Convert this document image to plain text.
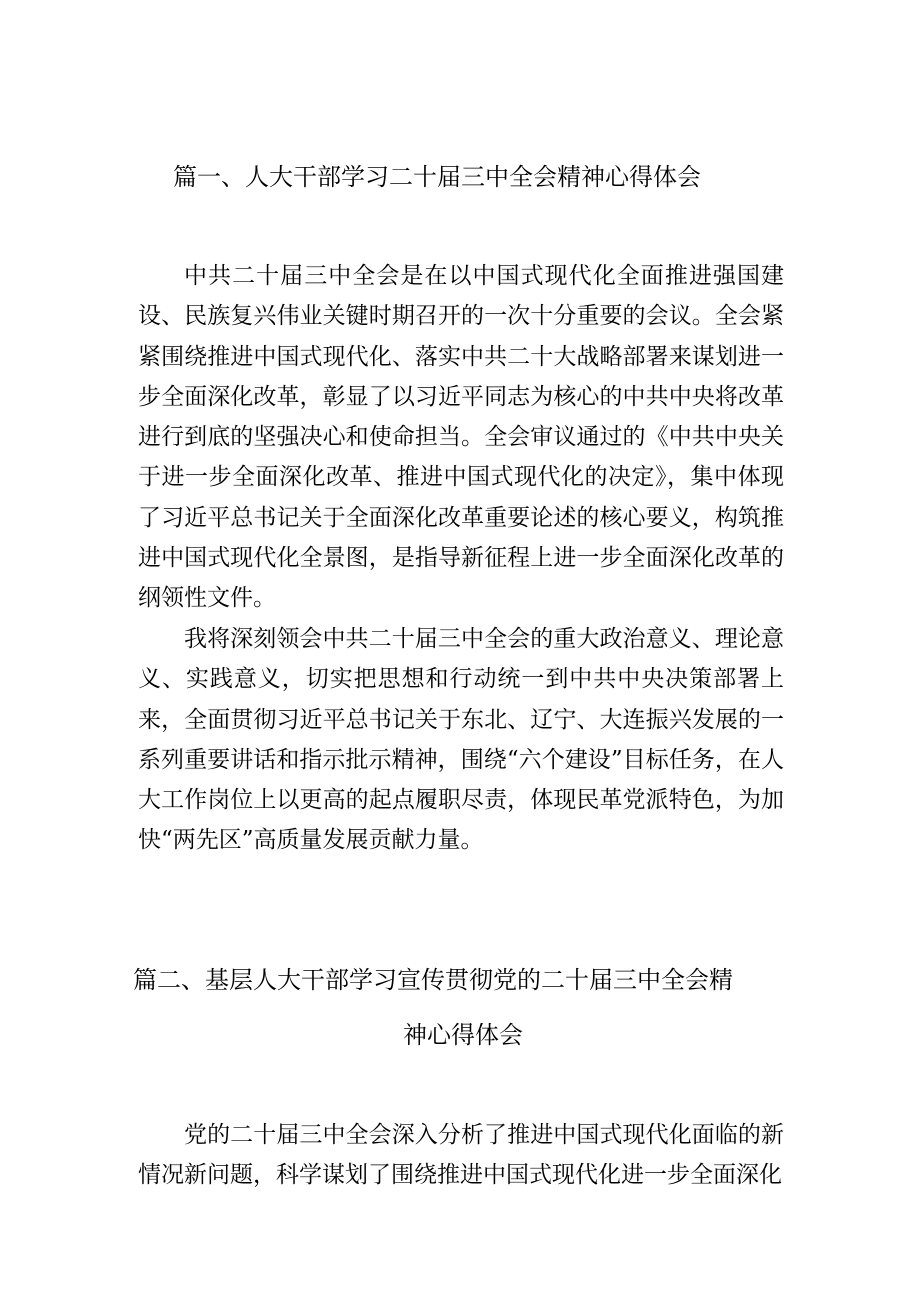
篇一、人大干部学习二十届三中全会精神心得体会

中共二十届三中全会是在以中国式现代化全面推进强国建设、民族复兴伟业关键时期召开的一次十分重要的会议。全会紧紧围绕推进中国式现代化、落实中共二十大战略部署来谋划进一步全面深化改革，彰显了以习近平同志为核心的中共中央将改革进行到底的坚强决心和使命担当。全会审议通过的《中共中央关于进一步全面深化改革、推进中国式现代化的决定》，集中体现了习近平总书记关于全面深化改革重要论述的核心要义，构筑推进中国式现代化全景图，是指导新征程上进一步全面深化改革的纲领性文件。

我将深刻领会中共二十届三中全会的重大政治意义、理论意义、实践意义，切实把思想和行动统一到中共中央决策部署上来，全面贯彻习近平总书记关于东北、辽宁、大连振兴发展的一系列重要讲话和指示批示精神，围绕“六个建设”目标任务，在人大工作岗位上以更高的起点履职尽责，体现民革党派特色，为加快“两先区”高质量发展贡献力量。

篇二、基层人大干部学习宣传贯彻党的二十届三中全会精
神心得体会

党的二十届三中全会深入分析了推进中国式现代化面临的新情况新问题，科学谋划了围绕推进中国式现代化进一步全面深化
